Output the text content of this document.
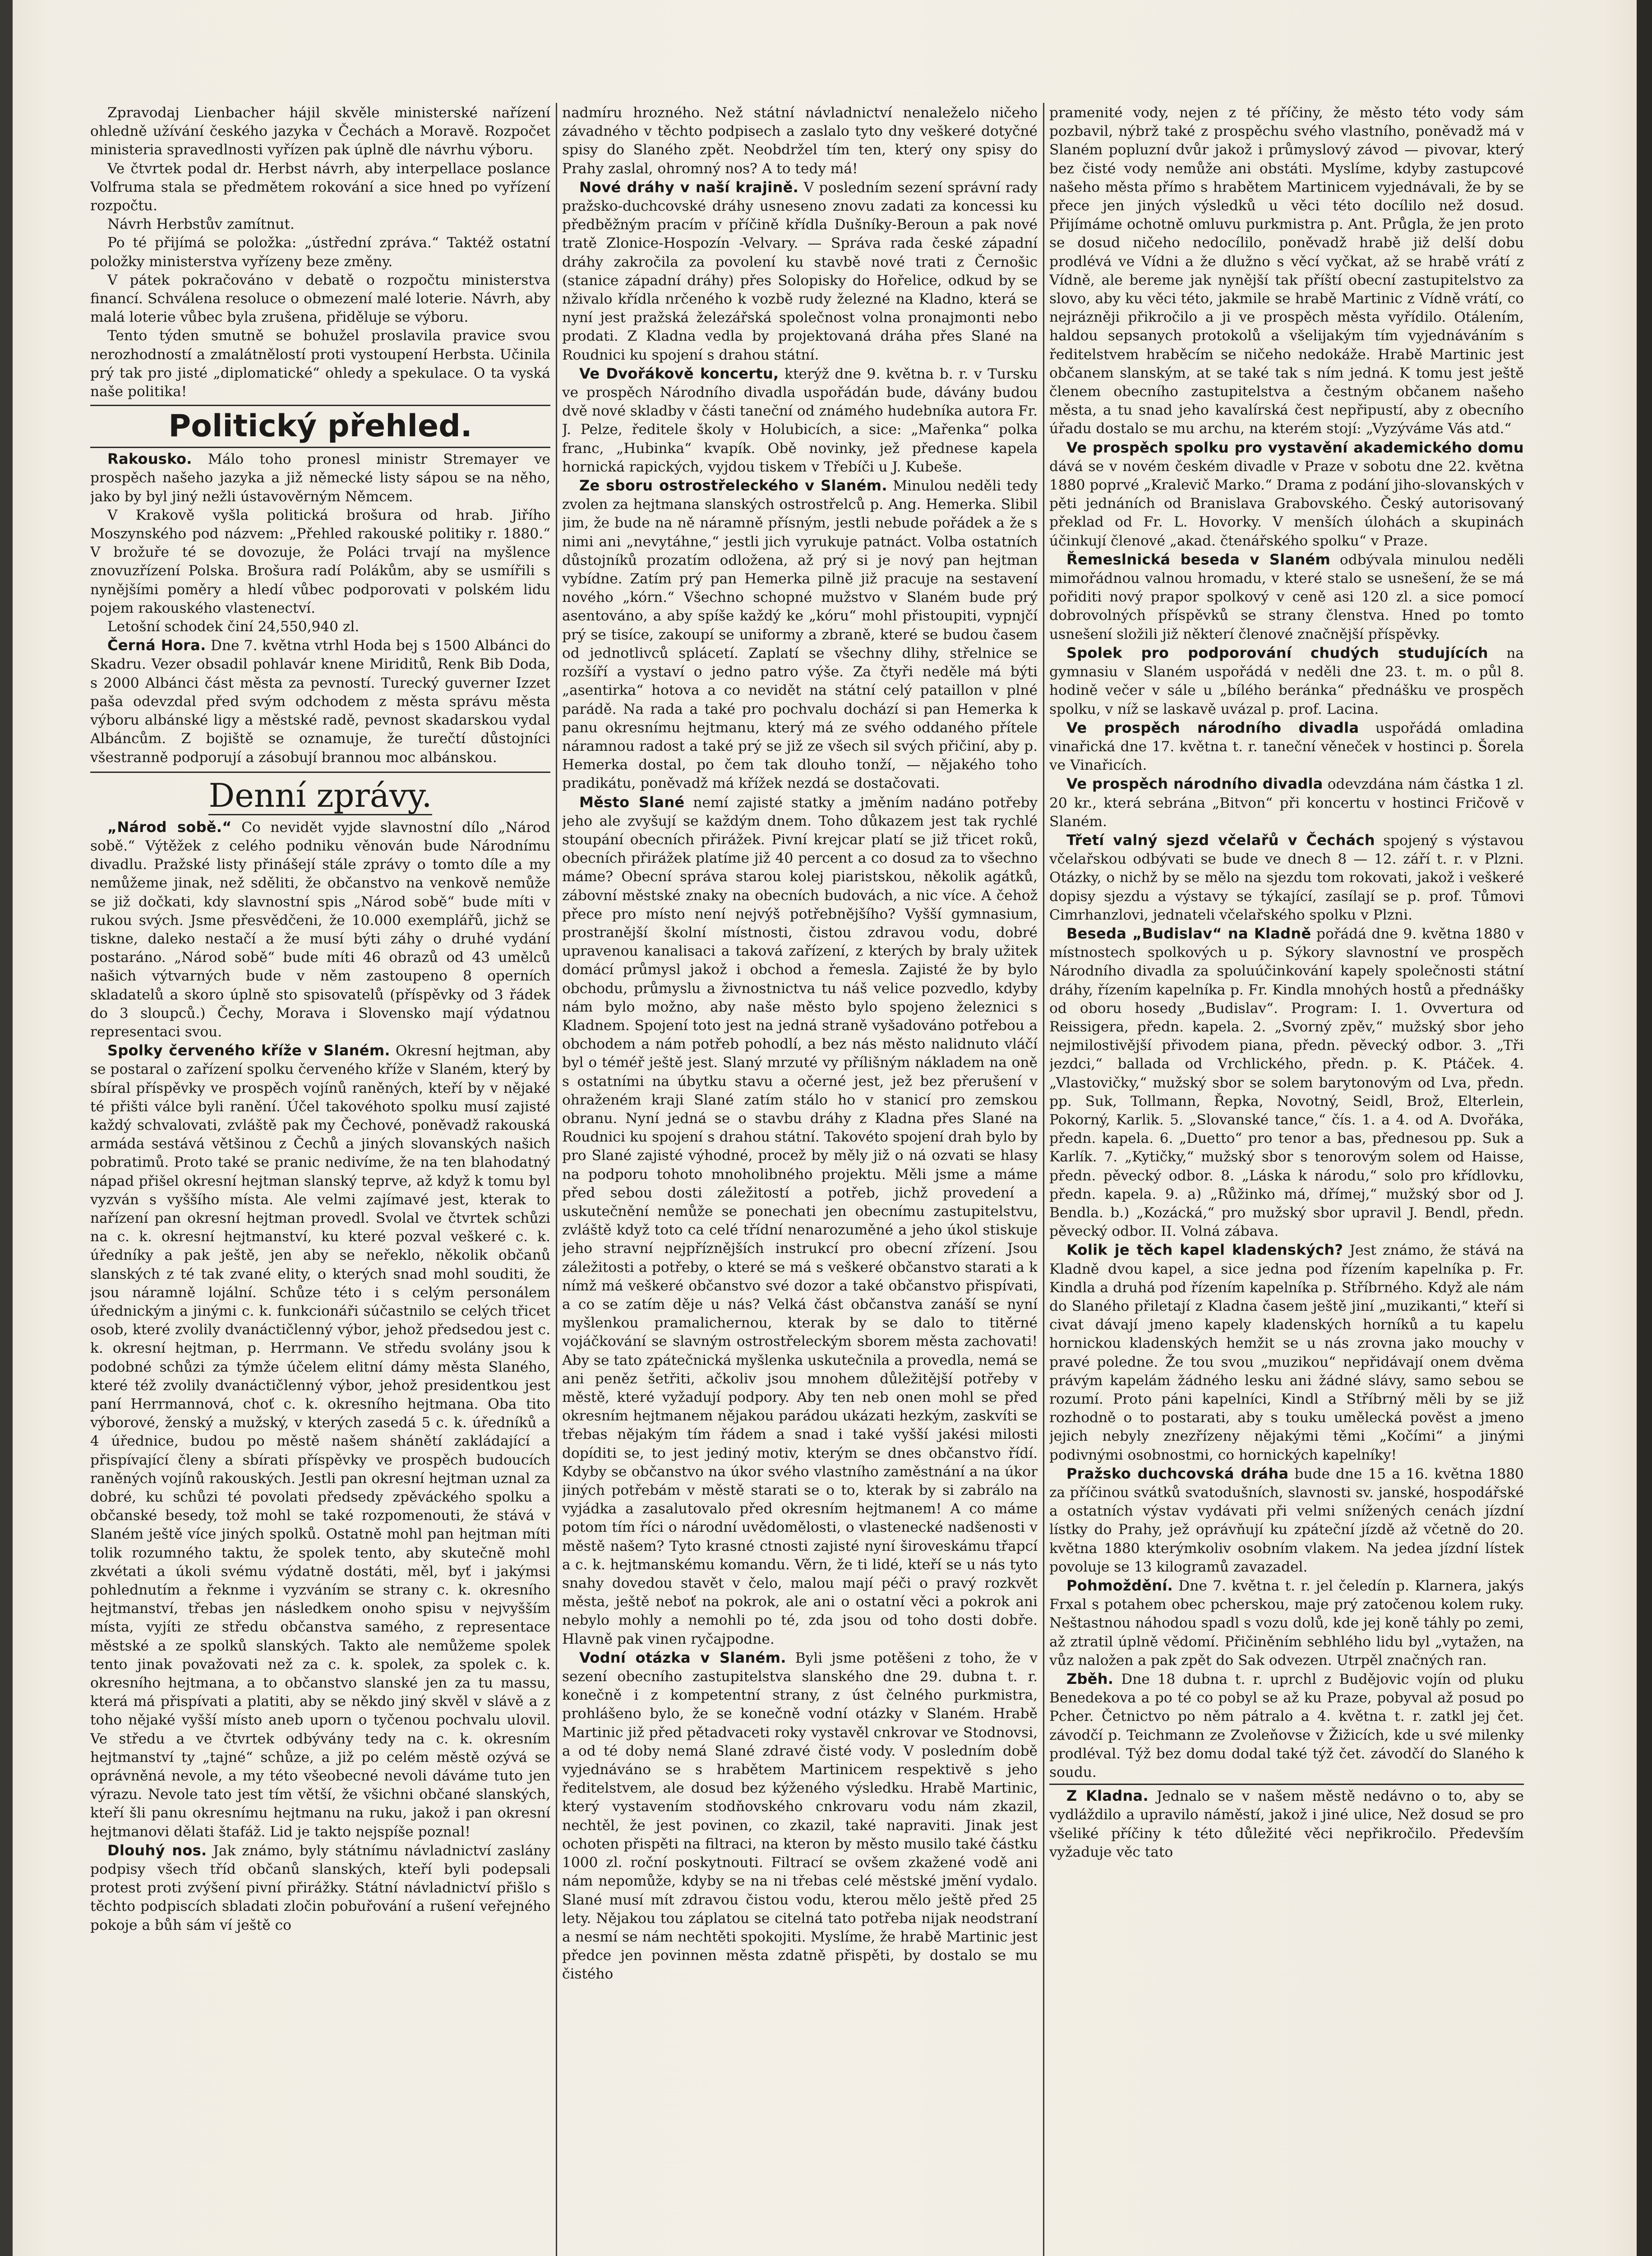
Zpravodaj Lienbacher hájil skvěle ministerské nařízení ohledně užívání českého jazyka v Čechách a Moravě. Rozpočet ministeria spravedlnosti vyřízen pak úplně dle návrhu výboru.

Ve čtvrtek podal dr. Herbst návrh, aby interpellace poslance Volfruma stala se předmětem rokování a sice hned po vyřízení rozpočtu.

Návrh Herbstův zamítnut.

Po té přijímá se položka: „ústřední zpráva.“ Taktéž ostatní položky ministerstva vyřízeny beze změny.

V pátek pokračováno v debatě o rozpočtu ministerstva financí. Schválena resoluce o obmezení malé loterie. Návrh, aby malá loterie vůbec byla zrušena, přiděluje se výboru.

Tento týden smutně se bohužel proslavila pravice svou nerozhodností a zmalátnělostí proti vystoupení Herbsta. Učinila prý tak pro jisté „diplomatické“ ohledy a spekulace. O ta vyská naše politika!

Politický přehled.

Rakousko. Málo toho pronesl ministr Stremayer ve prospěch našeho jazyka a již německé listy sápou se na něho, jako by byl jiný nežli ústavověrným Němcem.

V Krakově vyšla politická brošura od hrab. Jiřího Moszynského pod názvem: „Přehled rakouské politiky r. 1880.“ V brožuře té se dovozuje, že Poláci trvají na myšlence znovuzřízení Polska. Brošura radí Polákům, aby se usmířili s nynějšími poměry a hledí vůbec podporovati v polském lidu pojem rakouského vlastenectví.

Letošní schodek činí 24,550,940 zl.

Černá Hora. Dne 7. května vtrhl Hoda bej s 1500 Albánci do Skadru. Vezer obsadil pohlavár knene Miriditů, Renk Bib Doda, s 2000 Albánci část města za pevností. Turecký guverner Izzet paša odevzdal před svým odchodem z města správu města výboru albánské ligy a městské radě, pevnost skadarskou vydal Albáncům. Z bojiště se oznamuje, že turečtí důstojníci všestranně podporují a zásobují brannou moc albánskou.

Denní zprávy.

„Národ sobě.“ Co nevidět vyjde slavnostní dílo „Národ sobě.“ Výtěžek z celého podniku věnován bude Národnímu divadlu. Pražské listy přinášejí stále zprávy o tomto díle a my nemůžeme jinak, než sděliti, že občanstvo na venkově nemůže se již dočkati, kdy slavnostní spis „Národ sobě“ bude míti v rukou svých. Jsme přesvědčeni, že 10.000 exemplářů, jichž se tiskne, daleko nestačí a že musí býti záhy o druhé vydání postaráno. „Národ sobě“ bude míti 46 obrazů od 43 umělců našich výtvarných bude v něm zastoupeno 8 operních skladatelů a skoro úplně sto spisovatelů (příspěvky od 3 řádek do 3 sloupců.) Čechy, Morava i Slovensko mají výdatnou representaci svou.

Spolky červeného kříže v Slaném. Okresní hejtman, aby se postaral o zařízení spolku červeného kříže v Slaném, který by sbíral příspěvky ve prospěch vojínů raněných, kteří by v nějaké té přišti válce byli ranění. Účel takovéhoto spolku musí zajisté každý schvalovati, zvláště pak my Čechové, poněvadž rakouská armáda sestává většinou z Čechů a jiných slovanských našich pobratimů. Proto také se pranic nedivíme, že na ten blahodatný nápad přišel okresní hejtman slanský teprve, až když k tomu byl vyzván s vyššího místa. Ale velmi zajímavé jest, kterak to nařízení pan okresní hejtman provedl. Svolal ve čtvrtek schůzi na c. k. okresní hejtmanství, ku které pozval veškeré c. k. úředníky a pak ještě, jen aby se neřeklo, několik občanů slanských z té tak zvané elity, o kterých snad mohl souditi, že jsou náramně lojální. Schůze této i s celým personálem úřednickým a jinými c. k. funkcionáři súčastnilo se celých třicet osob, které zvolily dvanáctičlenný výbor, jehož předsedou jest c. k. okresní hejtman, p. Herrmann. Ve středu svolány jsou k podobné schůzi za týmže účelem elitní dámy města Slaného, které též zvolily dvanáctičlenný výbor, jehož presidentkou jest paní Herrmannová, choť c. k. okresního hejtmana. Oba tito výborové, ženský a mužský, v kterých zasedá 5 c. k. úředníků a 4 úřednice, budou po městě našem shánětí zakládající a přispívající členy a sbírati příspěvky ve prospěch budoucích raněných vojínů rakouských. Jestli pan okresní hejtman uznal za dobré, ku schůzi té povolati předsedy zpěváckého spolku a občanské besedy, tož mohl se také rozpomenouti, že stává v Slaném ještě více jiných spolků. Ostatně mohl pan hejtman míti tolik rozumného taktu, že spolek tento, aby skutečně mohl zkvétati a úkoli svému výdatně dostáti, měl, byť i jakýmsi pohlednutím a řeknme i vyzváním se strany c. k. okresního hejtmanství, třebas jen následkem onoho spisu v nejvyšším místa, vyjíti ze středu občanstva samého, z representace městské a ze spolků slanských. Takto ale nemůžeme spolek tento jinak považovati než za c. k. spolek, za spolek c. k. okresního hejtmana, a to občanstvo slanské jen za tu massu, která má přispívati a platiti, aby se někdo jiný skvěl v slávě a z toho nějaké vyšší místo aneb uporn o tyčenou pochvalu ulovil. Ve středu a ve čtvrtek odbývány tedy na c. k. okresním hejtmanství ty „tajné“ schůze, a již po celém městě ozývá se oprávněná nevole, a my této všeobecné nevoli dáváme tuto jen výrazu. Nevole tato jest tím větší, že všichni občané slanských, kteří šli panu okresnímu hejtmanu na ruku, jakož i pan okresní hejtmanovi dělati štafáž. Lid je takto nejspíše poznal!

Dlouhý nos. Jak známo, byly státnímu návladnictví zaslány podpisy všech tříd občanů slanských, kteří byli podepsali protest proti zvýšení pivní přirážky. Státní návladnictví přišlo s těchto podpiscích sbladati zločin pobuřování a rušení veřejného pokoje a bůh sám ví ještě co

nadmíru hrozného. Než státní návladnictví nenaleželo ničeho závadného v těchto podpisech a zaslalo tyto dny veškeré dotyčné spisy do Slaného zpět. Neobdržel tím ten, který ony spisy do Prahy zaslal, ohromný nos? A to tedy má!

Nové dráhy v naší krajině. V posledním sezení správní rady pražsko-duchcovské dráhy usneseno znovu zadati za koncessi ku předběžným pracím v příčině křídla Dušníky-Beroun a pak nové tratě Zlonice-Hospozín -Velvary. — Správa rada české západní dráhy zakročila za povolení ku stavbě nové trati z Černošic (stanice západní dráhy) přes Solopisky do Hořelice, odkud by se nživalo křídla nrčeného k vozbě rudy železné na Kladno, která se nyní jest pražská železářská společnost volna pronajmonti nebo prodati. Z Kladna vedla by projektovaná dráha přes Slané na Roudnici ku spojení s drahou státní.

Ve Dvořákově koncertu, kterýž dne 9. května b. r. v Tursku ve prospěch Národního divadla uspořádán bude, dávány budou dvě nové skladby v části taneční od známého hudebníka autora Fr. J. Pelze, ředitele školy v Holubicích, a sice: „Mařenka“ polka franc, „Hubinka“ kvapík. Obě novinky, jež přednese kapela hornická rapických, vyjdou tiskem v Třebíči u J. Kubeše.

Ze sboru ostrostřeleckého v Slaném. Minulou neděli tedy zvolen za hejtmana slanských ostrostřelců p. Ang. Hemerka. Slibil jim, že bude na ně náramně přísným, jestli nebude pořádek a že s nimi ani „nevytáhne,“ jestli jich vyrukuje patnáct. Volba ostatních důstojníků prozatím odložena, až prý si je nový pan hejtman vybídne. Zatím prý pan Hemerka pilně již pracuje na sestavení nového „kórn.“ Všechno schopné mužstvo v Slaném bude prý asentováno, a aby spíše každý ke „kóru“ mohl přistoupiti, vypnjčí prý se tisíce, zakoupí se uniformy a zbraně, které se budou časem od jednotlivců splácetí. Zaplatí se všechny dlihy, střelnice se rozšíří a vystaví o jedno patro výše. Za čtyři neděle má býti „asentirka“ hotova a co nevidět na státní celý pataillon v plné parádě. Na rada a také pro pochvalu dochází si pan Hemerka k panu okresnímu hejtmanu, který má ze svého oddaného přítele náramnou radost a také prý se již ze všech sil svých přičiní, aby p. Hemerka dostal, po čem tak dlouho tonží, — nějakého toho pradikátu, poněvadž má křížek nezdá se dostačovati.

Město Slané nemí zajisté statky a jměním nadáno potřeby jeho ale zvyšují se každým dnem. Toho důkazem jest tak rychlé stoupání obecních přirážek. Pivní krejcar platí se již třicet roků, obecních přirážek platíme již 40 percent a co dosud za to všechno máme? Obecní správa starou kolej piaristskou, několik agátků, zábovní městské znaky na obecních budovách, a nic více. A čehož přece pro místo není nejvýš potřebnějšího? Vyšší gymnasium, prostranější školní místnosti, čistou zdravou vodu, dobré upravenou kanalisaci a taková zařízení, z kterých by braly užitek domácí průmysl jakož i obchod a řemesla. Zajisté že by bylo obchodu, průmyslu a živnostnictva tu náš velice pozvedlo, kdyby nám bylo možno, aby naše město bylo spojeno železnici s Kladnem. Spojení toto jest na jedná straně vyšadováno potřebou a obchodem a nám potřeb pohodlí, a bez nás město nalidnuto vláčí byl o téméř ještě jest. Slaný mrzuté vy přílišným nákladem na oně s ostatními na úbytku stavu a očerné jest, jež bez přerušení v ohraženém kraji Slané zatím stálo ho v stanicí pro zemskou obranu. Nyní jedná se o stavbu dráhy z Kladna přes Slané na Roudnici ku spojení s drahou státní. Takovéto spojení drah bylo by pro Slané zajisté výhodné, procež by měly již o ná ozvati se hlasy na podporu tohoto mnoholibného projektu. Měli jsme a máme před sebou dosti záležitostí a potřeb, jichž provedení a uskutečnění nemůže se ponechati jen obecnímu zastupitelstvu, zvláště když toto ca celé třídní nenarozuměné a jeho úkol stiskuje jeho stravní nejpříznějších instrukcí pro obecní zřízení. Jsou záležitosti a potřeby, o které se má s veškeré občanstvo starati a k nímž má veškeré občanstvo své dozor a také občanstvo přispívati, a co se zatím děje u nás? Velká část občanstva zanáší se nyní myšlenkou pramalichernou, kterak by se dalo to titěrné vojáčkování se slavným ostrostřeleckým sborem města zachovati! Aby se tato zpátečnická myšlenka uskutečnila a provedla, nemá se ani peněz šetřiti, ačkoliv jsou mnohem důležitější potřeby v městě, které vyžadují podpory. Aby ten neb onen mohl se před okresním hejtmanem nějakou parádou ukázati hezkým, zaskvíti se třebas nějakým tím řádem a snad i také vyšší jakési milosti dopíditi se, to jest jediný motiv, kterým se dnes občanstvo řídí. Kdyby se občanstvo na úkor svého vlastního zaměstnání a na úkor jiných potřebám v městě starati se o to, kterak by si zabrálo na vyjádka a zasalutovalo před okresním hejtmanem! A co máme potom tím říci o národní uvědomělosti, o vlastenecké nadšenosti v městě našem? Tyto krasné ctnosti zajisté nyní široveskámu třapcí a c. k. hejtmanskému komandu. Věrn, že ti lidé, kteří se u nás tyto snahy dovedou stavět v čelo, malou mají péči o pravý rozkvět města, ještě neboť na pokrok, ale ani o ostatní věci a pokrok ani nebylo mohly a nemohli po té, zda jsou od toho dosti dobře. Hlavně pak vinen ryčajpodne.

Vodní otázka v Slaném. Byli jsme potěšeni z toho, že v sezení obecního zastupitelstva slanského dne 29. dubna t. r. konečně i z kompetentní strany, z úst čelného purkmistra, prohlášeno bylo, že se konečně vodní otázky v Slaném. Hrabě Martinic již před pětadvaceti roky vystavěl cnkrovar ve Stodnovsi, a od té doby nemá Slané zdravé čisté vody. V posledním době vyjednáváno se s hrabětem Martinicem respektivě s jeho ředitelstvem, ale dosud bez kýženého výsledku. Hrabě Martinic, který vystavením stodňovského cnkrovaru vodu nám zkazil, nechtěl, že jest povinen, co zkazil, také napraviti. Jinak jest ochoten přispěti na filtraci, na kteron by město musilo také částku 1000 zl. roční poskytnouti. Filtrací se ovšem zkažené vodě ani nám nepomůže, kdyby se na ni třebas celé městské jmění vydalo. Slané musí mít zdravou čistou vodu, kterou mělo ještě před 25 lety. Nějakou tou záplatou se citelná tato potřeba nijak neodstraní a nesmí se nám nechtěti spokojiti. Myslíme, že hrabě Martinic jest předce jen povinnen města zdatně přispěti, by dostalo se mu čistého

pramenité vody, nejen z té příčiny, že město této vody sám pozbavil, nýbrž také z prospěchu svého vlastního, poněvadž má v Slaném popluzní dvůr jakož i průmyslový závod — pivovar, který bez čisté vody nemůže ani obstáti. Myslíme, kdyby zastupcové našeho města přímo s hrabětem Martinicem vyjednávali, že by se přece jen jiných výsledků u věci této docílilo než dosud. Přijímáme ochotně omluvu purkmistra p. Ant. Průgla, že jen proto se dosud ničeho nedocílilo, poněvadž hrabě již delší dobu prodlévá ve Vídni a že dlužno s věcí vyčkat, až se hrabě vrátí z Vídně, ale bereme jak nynější tak příští obecní zastupitelstvo za slovo, aby ku věci této, jakmile se hrabě Martinic z Vídně vrátí, co nejrázněji přikročilo a ji ve prospěch města vyřídilo. Otálením, haldou sepsanych protokolů a všelijakým tím vyjednáváním s ředitelstvem hraběcím se ničeho nedokáže. Hrabě Martinic jest občanem slanským, at se také tak s ním jedná. K tomu jest ještě členem obecního zastupitelstva a čestným občanem našeho města, a tu snad jeho kavalírská čest nepřipustí, aby z obecního úřadu dostalo se mu archu, na kterém stojí: „Vyzýváme Vás atd.“

Ve prospěch spolku pro vystavění akademického domu dává se v novém českém divadle v Praze v sobotu dne 22. května 1880 poprvé „Kralevič Marko.“ Drama z podání jiho-slovanských v pěti jednáních od Branislava Grabovského. Český autorisovaný překlad od Fr. L. Hovorky. V menších úlohách a skupinách účinkují členové „akad. čtenářského spolku“ v Praze.

Řemeslnická beseda v Slaném odbývala minulou neděli mimořádnou valnou hromadu, v které stalo se usnešení, že se má pořiditi nový prapor spolkový v ceně asi 120 zl. a sice pomocí dobrovolných příspěvků se strany členstva. Hned po tomto usnešení složili již některí členové značnější příspěvky.

Spolek pro podporování chudých studujících na gymnasiu v Slaném uspořádá v neděli dne 23. t. m. o půl 8. hodině večer v sále u „bílého beránka“ přednášku ve prospěch spolku, v níž se laskavě uvázal p. prof. Lacina.

Ve prospěch národního divadla uspořádá omladina vinařická dne 17. května t. r. taneční věneček v hostinci p. Šorela ve Vinařicích.

Ve prospěch národního divadla odevzdána nám částka 1 zl. 20 kr., která sebrána „Bitvon“ při koncertu v hostinci Fričově v Slaném.

Třetí valný sjezd včelařů v Čechách spojený s výstavou včelařskou odbývati se bude ve dnech 8 — 12. září t. r. v Plzni. Otázky, o nichž by se mělo na sjezdu tom rokovati, jakož i veškeré dopisy sjezdu a výstavy se týkající, zasílají se p. prof. Tůmovi Cimrhanzlovi, jednateli včelařského spolku v Plzni.

Beseda „Budislav“ na Kladně pořádá dne 9. května 1880 v místnostech spolkových u p. Sýkory slavnostní ve prospěch Národního divadla za spoluúčinkování kapely společnosti státní dráhy, řízením kapelníka p. Fr. Kindla mnohých hostů a přednášky od oboru hosedy „Budislav“. Program: I. 1. Ovvertura od Reissigera, předn. kapela. 2. „Svorný zpěv,“ mužský sbor jeho nejmilostivější přivodem piana, předn. pěvecký odbor. 3. „Tři jezdci,“ ballada od Vrchlického, předn. p. K. Ptáček. 4. „Vlastovičky,“ mužský sbor se solem barytonovým od Lva, předn. pp. Suk, Tollmann, Řepka, Novotný, Seidl, Brož, Elterlein, Pokorný, Karlik. 5. „Slovanské tance,“ čís. 1. a 4. od A. Dvořáka, předn. kapela. 6. „Duetto“ pro tenor a bas, přednesou pp. Suk a Karlík. 7. „Kytičky,“ mužský sbor s tenorovým solem od Haisse, předn. pěvecký odbor. 8. „Láska k národu,“ solo pro křídlovku, předn. kapela. 9. a) „Růžinko má, dřímej,“ mužský sbor od J. Bendla. b.) „Kozácká,“ pro mužský sbor upravil J. Bendl, předn. pěvecký odbor. II. Volná zábava.

Kolik je těch kapel kladenských? Jest známo, že stává na Kladně dvou kapel, a sice jedna pod řízením kapelníka p. Fr. Kindla a druhá pod řízením kapelníka p. Stříbrného. Když ale nám do Slaného přiletají z Kladna časem ještě jiní „muzikanti,“ kteří si civat dávají jmeno kapely kladenských horníků a tu kapelu hornickou kladenských hemžit se u nás zrovna jako mouchy v pravé poledne. Že tou svou „muzikou“ nepřidávají onem dvěma právým kapelám žádného lesku ani žádné slávy, samo sebou se rozumí. Proto páni kapelníci, Kindl a Stříbrný měli by se již rozhodně o to postarati, aby s touku umělecká pověst a jmeno jejich nebyly znezřízeny nějakými těmi „Kočími“ a jinými podivnými osobnostmi, co hornických kapelníky!

Pražsko duchcovská dráha bude dne 15 a 16. května 1880 za příčinou svátků svatodušních, slavnosti sv. janské, hospodářské a ostatních výstav vydávati při velmi snížených cenách jízdní lístky do Prahy, jež oprávňují ku zpáteční jízdě až včetně do 20. května 1880 kterýmkoliv osobním vlakem. Na jedea jízdní lístek povoluje se 13 kilogramů zavazadel.

Pohmoždění. Dne 7. května t. r. jel čeledín p. Klarnera, jakýs Frxal s potahem obec pcherskou, maje prý zatočenou kolem ruky. Neštastnou náhodou spadl s vozu dolů, kde jej koně táhly po zemi, až ztratil úplně vědomí. Přičiněním sebhlého lidu byl „vytažen, na vůz naložen a pak zpět do Sak odvezen. Utrpěl značných ran.

Zběh. Dne 18 dubna t. r. uprchl z Budějovic vojín od pluku Benedekova a po té co pobyl se až ku Praze, pobyval až posud po Pcher. Četnictvo po něm pátralo a 4. května t. r. zatkl jej čet. závodčí p. Teichmann ze Zvoleňovse v Žižicích, kde u své milenky prodléval. Týž bez domu dodal také týž čet. závodčí do Slaného k soudu.

Z Kladna. Jednalo se v našem městě nedávno o to, aby se vydláždilo a upravilo náměstí, jakož i jiné ulice, Než dosud se pro všeliké příčiny k této důležité věci nepřikročilo. Především vyžaduje věc tato
